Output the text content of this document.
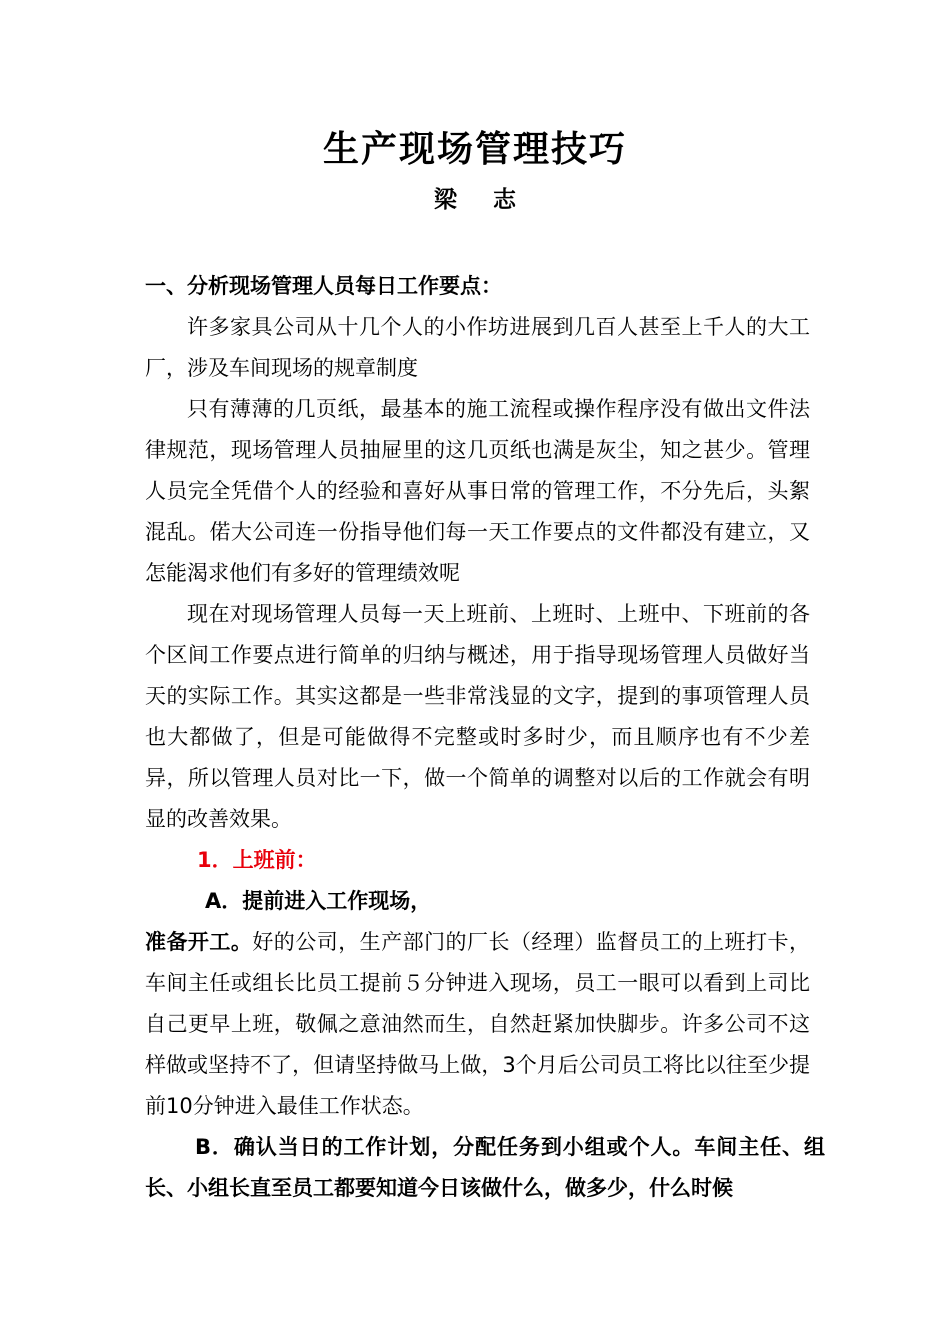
生产现场管理技巧
梁 志

一、分析现场管理人员每日工作要点：

许多家具公司从十几个人的小作坊进展到几百人甚至上千人的大工厂，涉及车间现场的规章制度

只有薄薄的几页纸，最基本的施工流程或操作程序没有做出文件法律规范，现场管理人员抽屉里的这几页纸也满是灰尘，知之甚少。管理人员完全凭借个人的经验和喜好从事日常的管理工作，不分先后，头絮混乱。偌大公司连一份指导他们每一天工作要点的文件都没有建立，又怎能渴求他们有多好的管理绩效呢

现在对现场管理人员每一天上班前、上班时、上班中、下班前的各个区间工作要点进行简单的归纳与概述，用于指导现场管理人员做好当天的实际工作。其实这都是一些非常浅显的文字，提到的事项管理人员也大都做了，但是可能做得不完整或时多时少，而且顺序也有不少差异，所以管理人员对比一下，做一个简单的调整对以后的工作就会有明显的改善效果。

1．上班前：

A．提前进入工作现场，

准备开工。好的公司，生产部门的厂长（经理）监督员工的上班打卡，车间主任或组长比员工提前５分钟进入现场，员工一眼可以看到上司比自己更早上班，敬佩之意油然而生，自然赶紧加快脚步。许多公司不这样做或坚持不了，但请坚持做马上做，3个月后公司员工将比以往至少提前10分钟进入最佳工作状态。

B．确认当日的工作计划，分配任务到小组或个人。车间主任、组长、小组长直至员工都要知道今日该做什么，做多少，什么时候
